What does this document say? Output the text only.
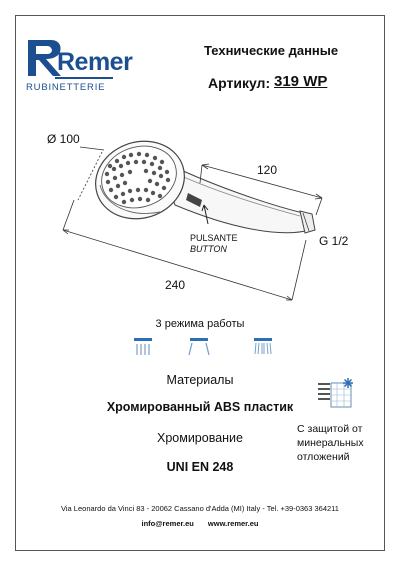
Remer
RUBINETTERIE
Технические данные
Артикул: 319 WP
Ø 100
120
240
G 1/2
PULSANTE
BUTTON
3 режима работы
Материалы
Хромированный ABS пластик
Хромирование
UNI EN 248
С защитой от
минеральных
отложений
Via Leonardo da Vinci 83 - 20062 Cassano d'Adda (MI) Italy - Tel. +39-0363 364211
info@remer.eu www.remer.eu
